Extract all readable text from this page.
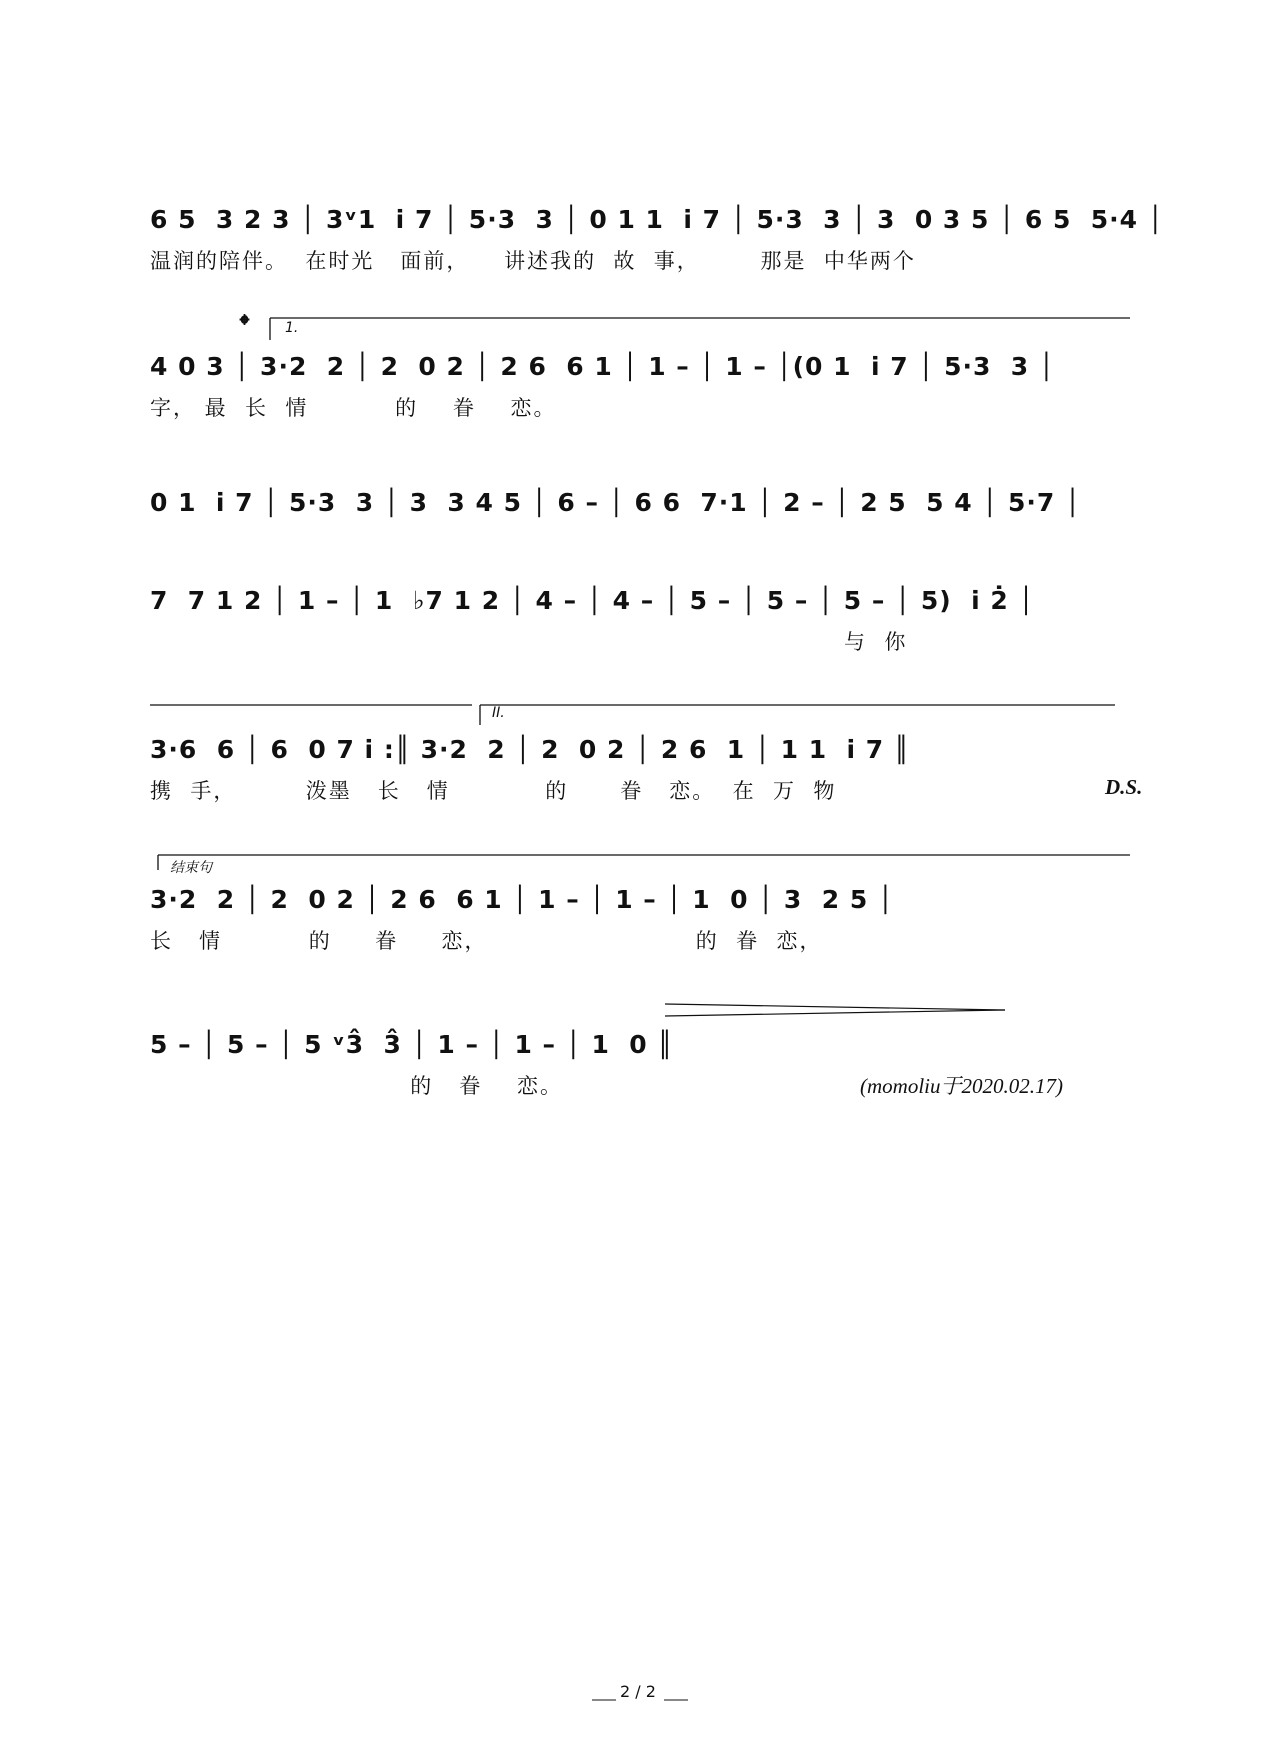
6 5  3 2 3 │ 3ᵛ1  i̇ 7 │ 5·3  3 │ 0 1 1  i̇ 7 │ 5·3  3 │ 3  0 3 5 │ 6 5  5·4 │
温润的陪伴。  在时光   面前，    讲述我的  故  事，       那是  中华两个
𝄌	1.
4 0 3 │ 3·2  2 │ 2  0 2 │ 2 6  6 1 │ 1 – │ 1 – │(0 1  i̇ 7 │ 5·3  3 │
字， 最  长  情          的    眷    恋。
0 1  i̇ 7 │ 5·3  3 │ 3  3 4 5 │ 6 – │ 6 6  7·1 │ 2 – │ 2 5  5 4 │ 5·7 │
7  7 1 2 │ 1 – │ 1  ♭7 1 2 │ 4 – │ 4 – │ 5 – │ 5 – │ 5 – │ 5)  i̇ 2̇ │
与  你
II.
3·6  6 │ 6  0 7 i̇ :║ 3·2  2 │ 2  0 2 │ 2 6  1 │ 1 1  i̇ 7 ║
携  手，        泼墨   长   情           的      眷   恋。  在  万  物	D.S.
结束句
3·2  2 │ 2  0 2 │ 2 6  6 1 │ 1 – │ 1 – │ 1  0 │ 3  2 5 │
长   情          的     眷     恋，                        的  眷  恋，
5 – │ 5 – │ 5 ᵛ3̂  3̂ │ 1 – │ 1 – │ 1  0 ║
的   眷    恋。	(momoliu于2020.02.17)
2 / 2
